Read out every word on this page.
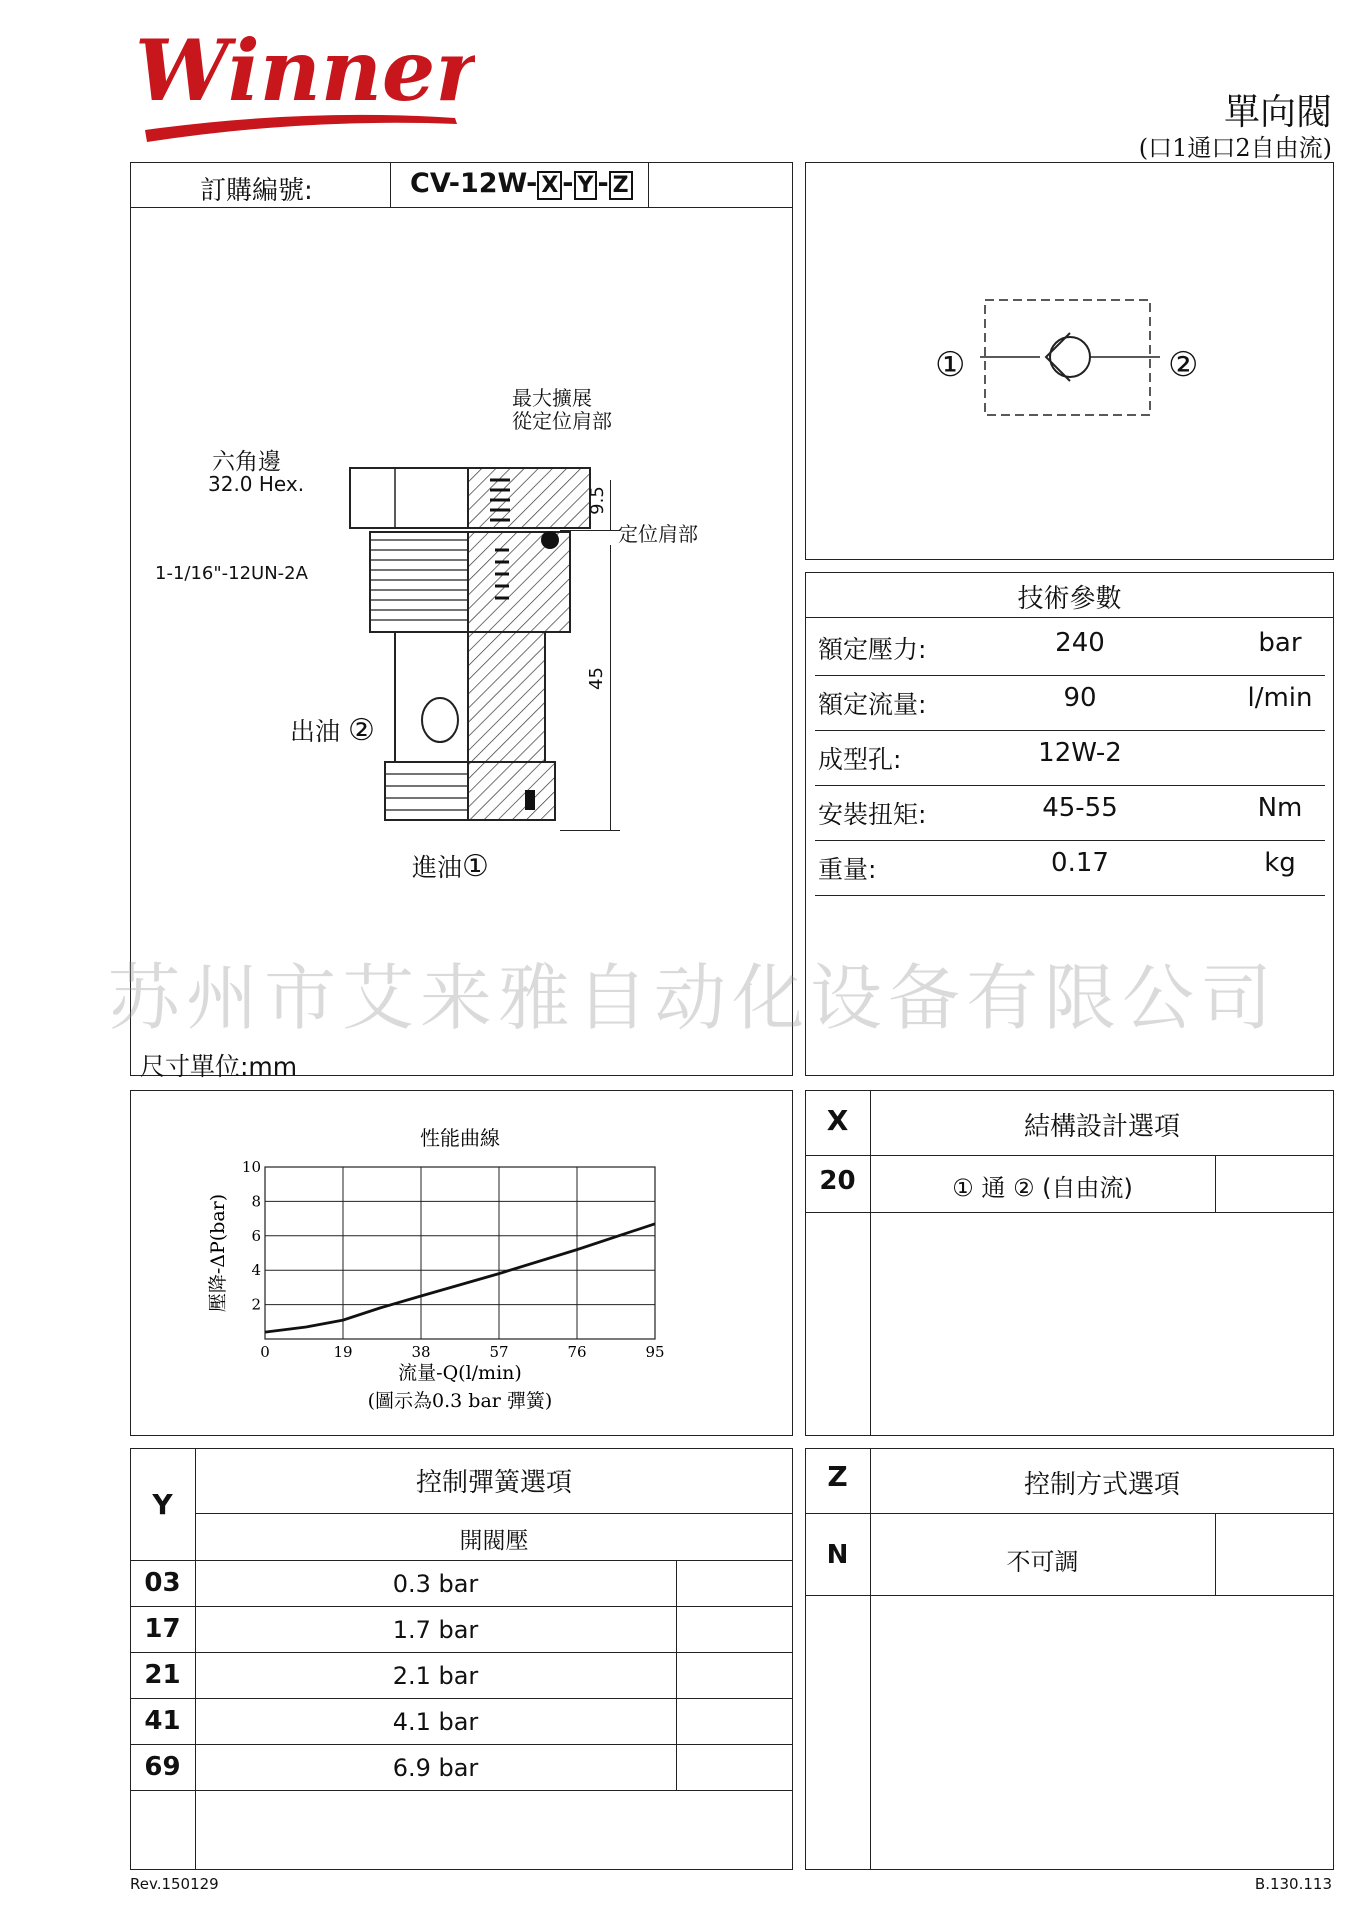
Winner	單向閥
(口1通口2自由流)
訂購編號:	CV-12W- X - Y - Z
9.5
45
六角邊
32.0 Hex.
1-1/16"-12UN-2A
最大擴展
從定位肩部
定位肩部
出油 ②
進油①
尺寸單位:mm
①	②
技術參數
額定壓力:	240	bar
額定流量:	90	l/min
成型孔:	12W-2
安裝扭矩:	45-55	Nm
重量:	0.17	kg
苏州市艾来雅自动化设备有限公司
0	19	38	57	76	95
2
4
6
8
10
性能曲線
流量-Q(l/min)
(圖示為0.3 bar 彈簧)
壓降-ΔP(bar)
X	結構設計選項
20	① 通 ② (自由流)
Y
控制彈簧選項
開閥壓
03	0.3 bar
17	1.7 bar
21	2.1 bar
41	4.1 bar
69	6.9 bar
Z	控制方式選項
N	不可調
Rev.150129	B.130.113
